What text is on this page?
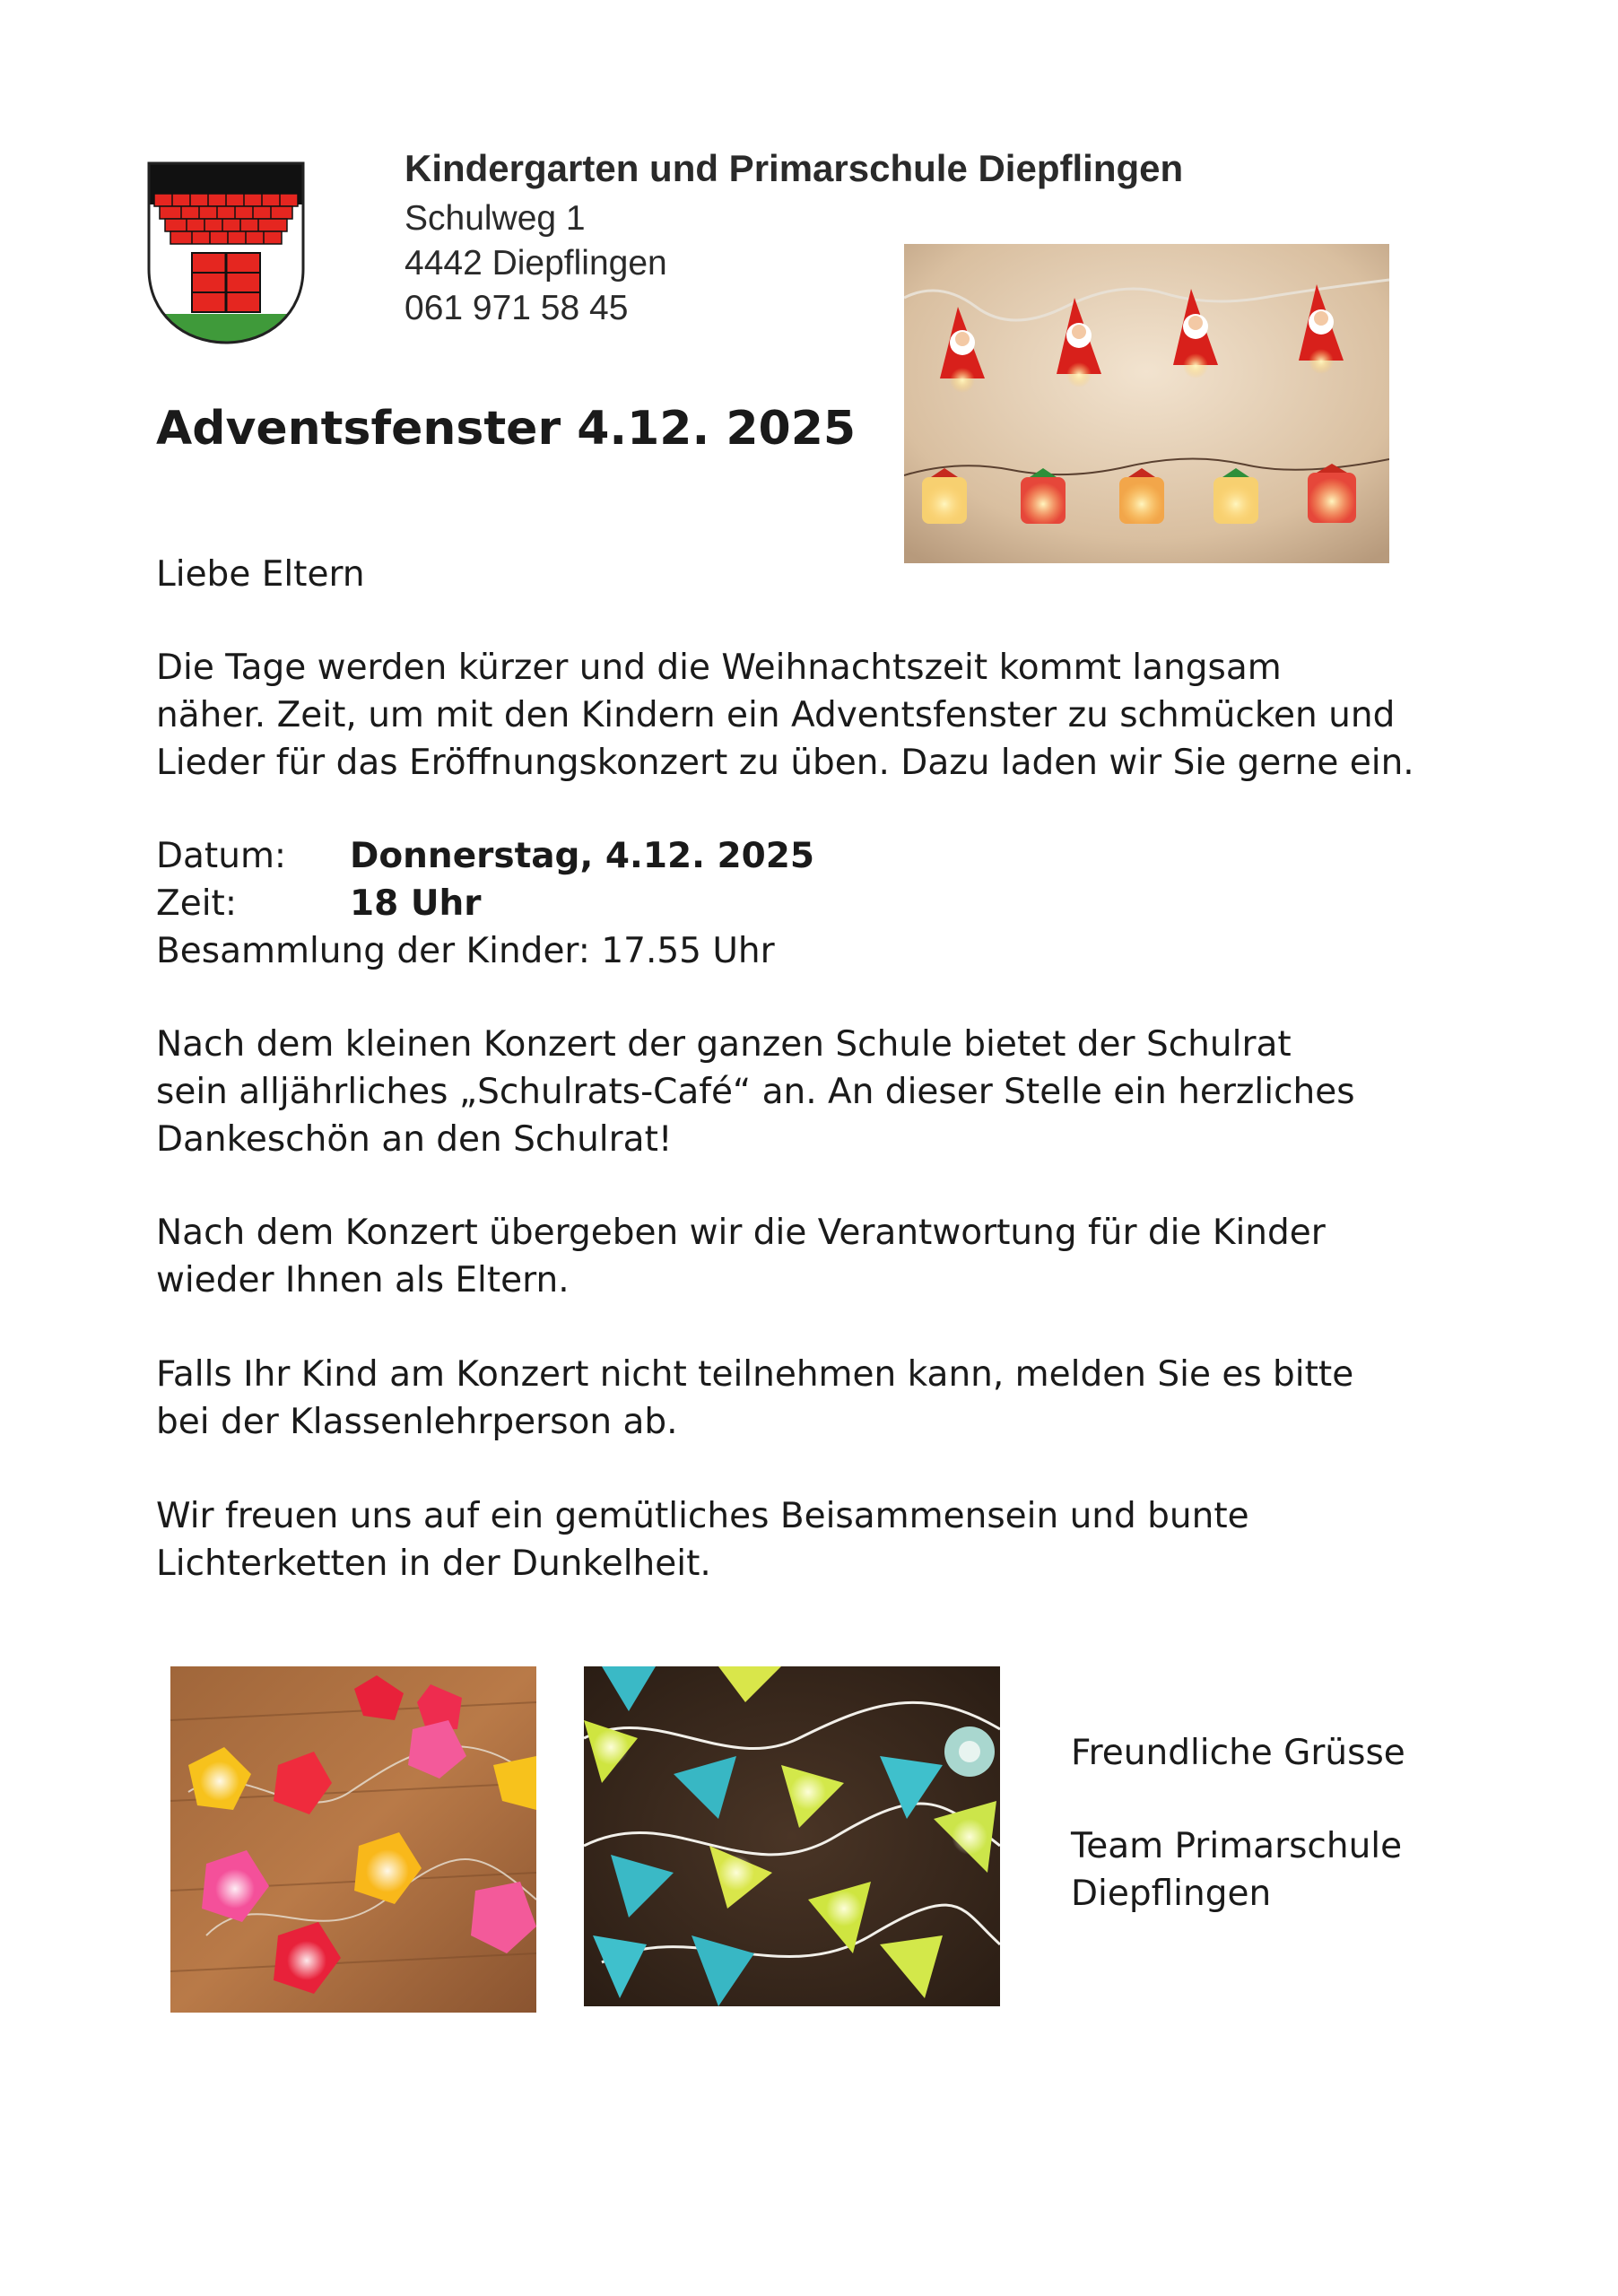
Kindergarten und Primarschule Diepflingen
Schulweg 1
4442 Diepflingen
061 971 58 45
Adventsfenster 4.12. 2025
Liebe Eltern
Die Tage werden kürzer und die Weihnachtszeit kommt langsam
näher. Zeit, um mit den Kindern ein Adventsfenster zu schmücken und
Lieder für das Eröffnungskonzert zu üben. Dazu laden wir Sie gerne ein.
Datum: Donnerstag, 4.12. 2025
Zeit:	18 Uhr
Besammlung der Kinder: 17.55 Uhr
Nach dem kleinen Konzert der ganzen Schule bietet der Schulrat
sein alljährliches „Schulrats-Café“ an. An dieser Stelle ein herzliches
Dankeschön an den Schulrat!
Nach dem Konzert übergeben wir die Verantwortung für die Kinder
wieder Ihnen als Eltern.
Falls Ihr Kind am Konzert nicht teilnehmen kann, melden Sie es bitte
bei der Klassenlehrperson ab.
Wir freuen uns auf ein gemütliches Beisammensein und bunte
Lichterketten in der Dunkelheit.
Freundliche Grüsse
Team Primarschule
Diepflingen
